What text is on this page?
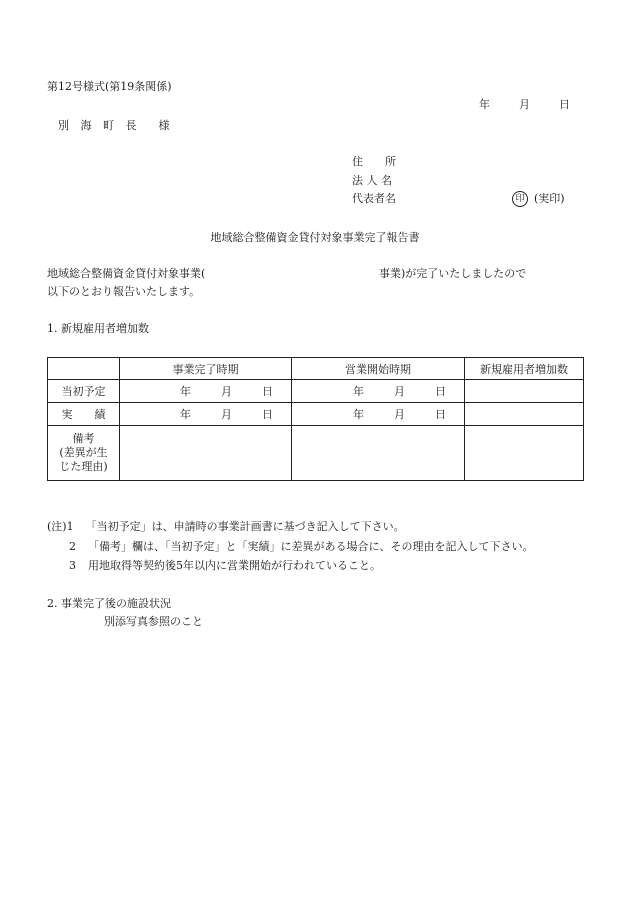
第12号様式(第19条関係)
年	月	日
別 海 町 長　　様
住　　所
法 人 名
代表者名	印 (実印)
地域総合整備資金貸付対象事業完了報告書
地域総合整備資金貸付対象事業(	事業)が完了いたしましたので
以下のとおり報告いたします。
1. 新規雇用者増加数
	事業完了時期	営業開始時期	新規雇用者増加数
当初予定	年 月 日	年 月 日	

実　　績	年 月 日	年 月 日	

備考
(差異が生
じた理由)			

(注)1 「当初予定」は、申請時の事業計画書に基づき記入して下さい。
2 「備考」欄は、「当初予定」と「実績」に差異がある場合に、その理由を記入して下さい。
3 用地取得等契約後5年以内に営業開始が行われていること。
2. 事業完了後の施設状況
別添写真参照のこと
